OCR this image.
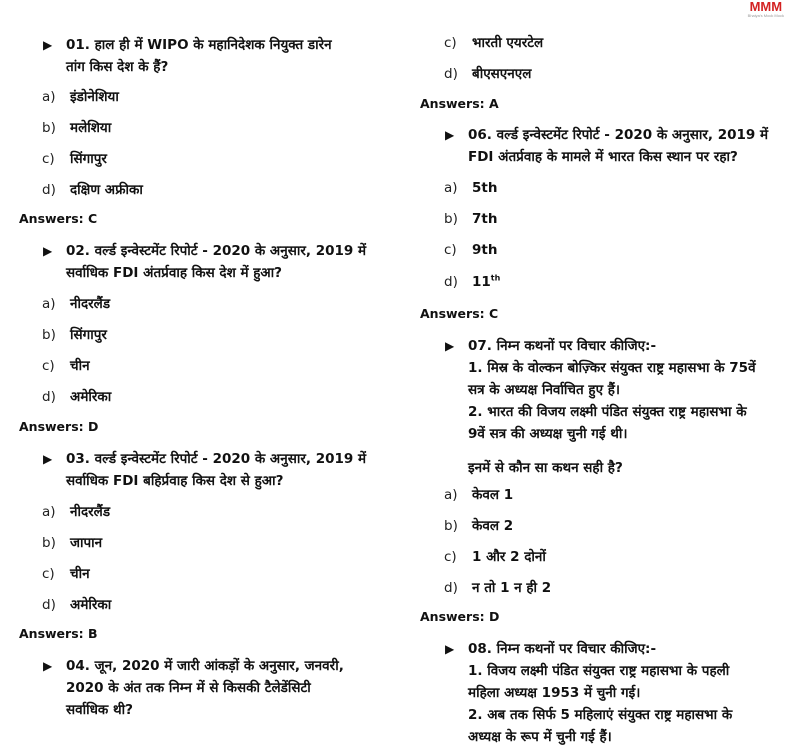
MMM
Bhaiya's Mock Mock
▶ 01. हाल ही में WIPO के महानिदेशक नियुक्त डारेन
तांग किस देश के हैं?
a) इंडोनेशिया
b) मलेशिया
c) सिंगापुर
d) दक्षिण अफ्रीका
Answers: C
▶ 02. वर्ल्ड इन्वेस्टमेंट रिपोर्ट - 2020 के अनुसार, 2019 में
सर्वाधिक FDI अंतर्प्रवाह किस देश में हुआ?
a) नीदरलैंड
b) सिंगापुर
c) चीन
d) अमेरिका
Answers: D
▶ 03. वर्ल्ड इन्वेस्टमेंट रिपोर्ट - 2020 के अनुसार, 2019 में
सर्वाधिक FDI बहिर्प्रवाह किस देश से हुआ?
a) नीदरलैंड
b) जापान
c) चीन
d) अमेरिका
Answers: B
▶ 04. जून, 2020 में जारी आंकड़ों के अनुसार, जनवरी,
2020 के अंत तक निम्न में से किसकी टैलेडेंसिटी
सर्वाधिक थी?
c) भारती एयरटेल
d) बीएसएनएल
Answers: A
▶ 06. वर्ल्ड इन्वेस्टमेंट रिपोर्ट - 2020 के अनुसार, 2019 में
FDI अंतर्प्रवाह के मामले में भारत किस स्थान पर रहा?
a) 5th
b) 7th
c) 9th
d) 11th
Answers: C
▶ 07. निम्न कथनों पर विचार कीजिए:-
1. मिस्र के वोल्कन बोज़्किर संयुक्त राष्ट्र महासभा के 75वें
सत्र के अध्यक्ष निर्वाचित हुए हैं।
2. भारत की विजय लक्ष्मी पंडित संयुक्त राष्ट्र महासभा के
9वें सत्र की अध्यक्ष चुनी गई थी।
इनमें से कौन सा कथन सही है?
a) केवल 1
b) केवल 2
c) 1 और 2 दोनों
d) न तो 1 न ही 2
Answers: D
▶ 08. निम्न कथनों पर विचार कीजिए:-
1. विजय लक्ष्मी पंडित संयुक्त राष्ट्र महासभा के पहली
महिला अध्यक्ष 1953 में चुनी गई।
2. अब तक सिर्फ 5 महिलाएं संयुक्त राष्ट्र महासभा के
अध्यक्ष के रूप में चुनी गई हैं।
